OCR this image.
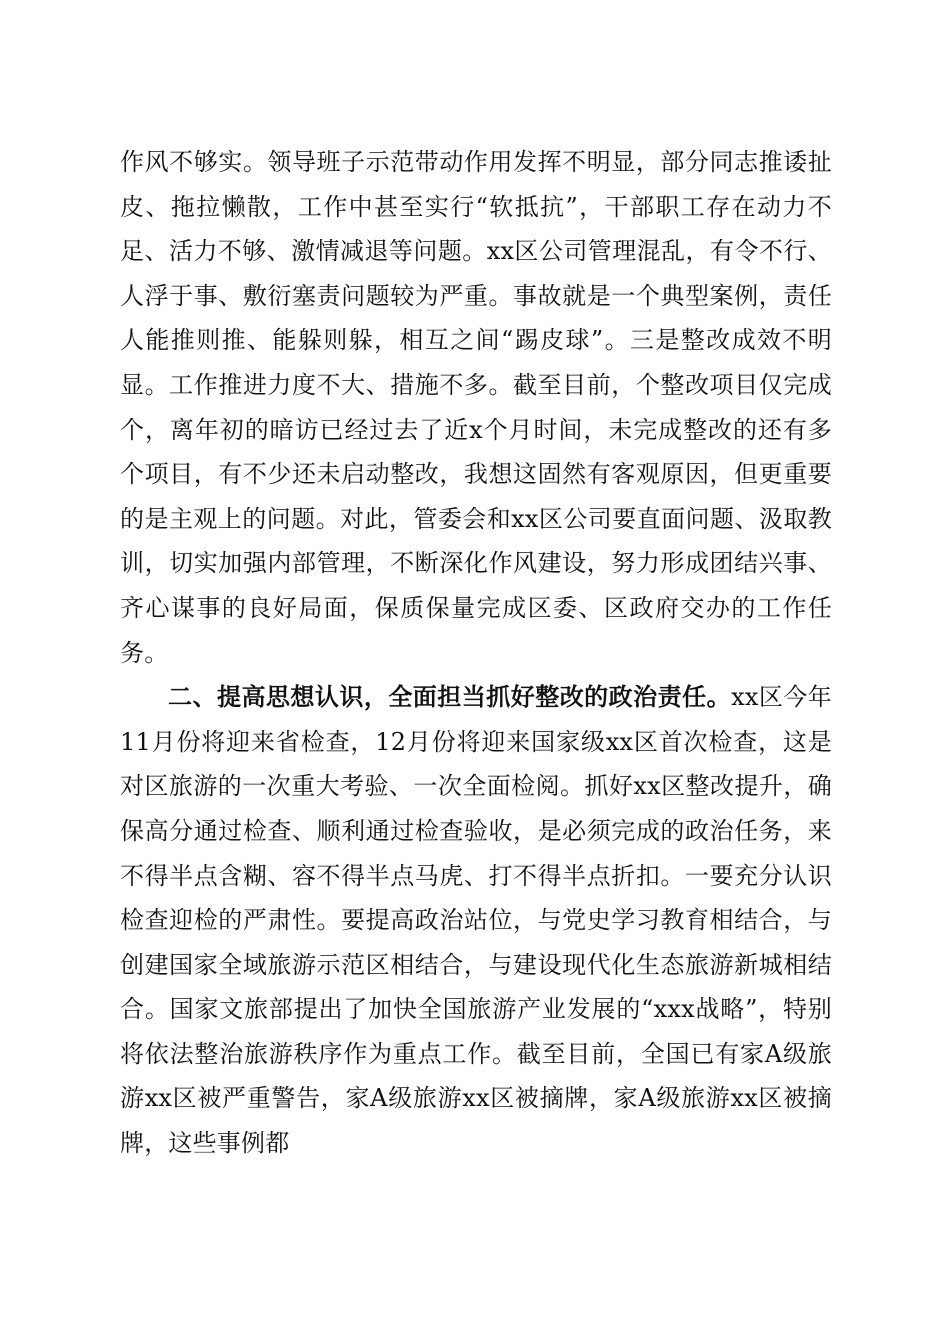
作风不够实。领导班子示范带动作用发挥不明显，部分同志推诿扯皮、拖拉懒散，工作中甚至实行“软抵抗”，干部职工存在动力不足、活力不够、激情减退等问题。xx区公司管理混乱，有令不行、人浮于事、敷衍塞责问题较为严重。事故就是一个典型案例，责任人能推则推、能躲则躲，相互之间“踢皮球”。三是整改成效不明显。工作推进力度不大、措施不多。截至目前，个整改项目仅完成个，离年初的暗访已经过去了近x个月时间，未完成整改的还有多个项目，有不少还未启动整改，我想这固然有客观原因，但更重要的是主观上的问题。对此，管委会和xx区公司要直面问题、汲取教训，切实加强内部管理，不断深化作风建设，努力形成团结兴事、齐心谋事的良好局面，保质保量完成区委、区政府交办的工作任务。

二、提高思想认识，全面担当抓好整改的政治责任。xx区今年11月份将迎来省检查，12月份将迎来国家级xx区首次检查，这是对区旅游的一次重大考验、一次全面检阅。抓好xx区整改提升，确保高分通过检查、顺利通过检查验收，是必须完成的政治任务，来不得半点含糊、容不得半点马虎、打不得半点折扣。一要充分认识检查迎检的严肃性。要提高政治站位，与党史学习教育相结合，与创建国家全域旅游示范区相结合，与建设现代化生态旅游新城相结合。国家文旅部提出了加快全国旅游产业发展的“xxx战略”，特别将依法整治旅游秩序作为重点工作。截至目前，全国已有家A级旅游xx区被严重警告，家A级旅游xx区被摘牌，家A级旅游xx区被摘牌，这些事例都
